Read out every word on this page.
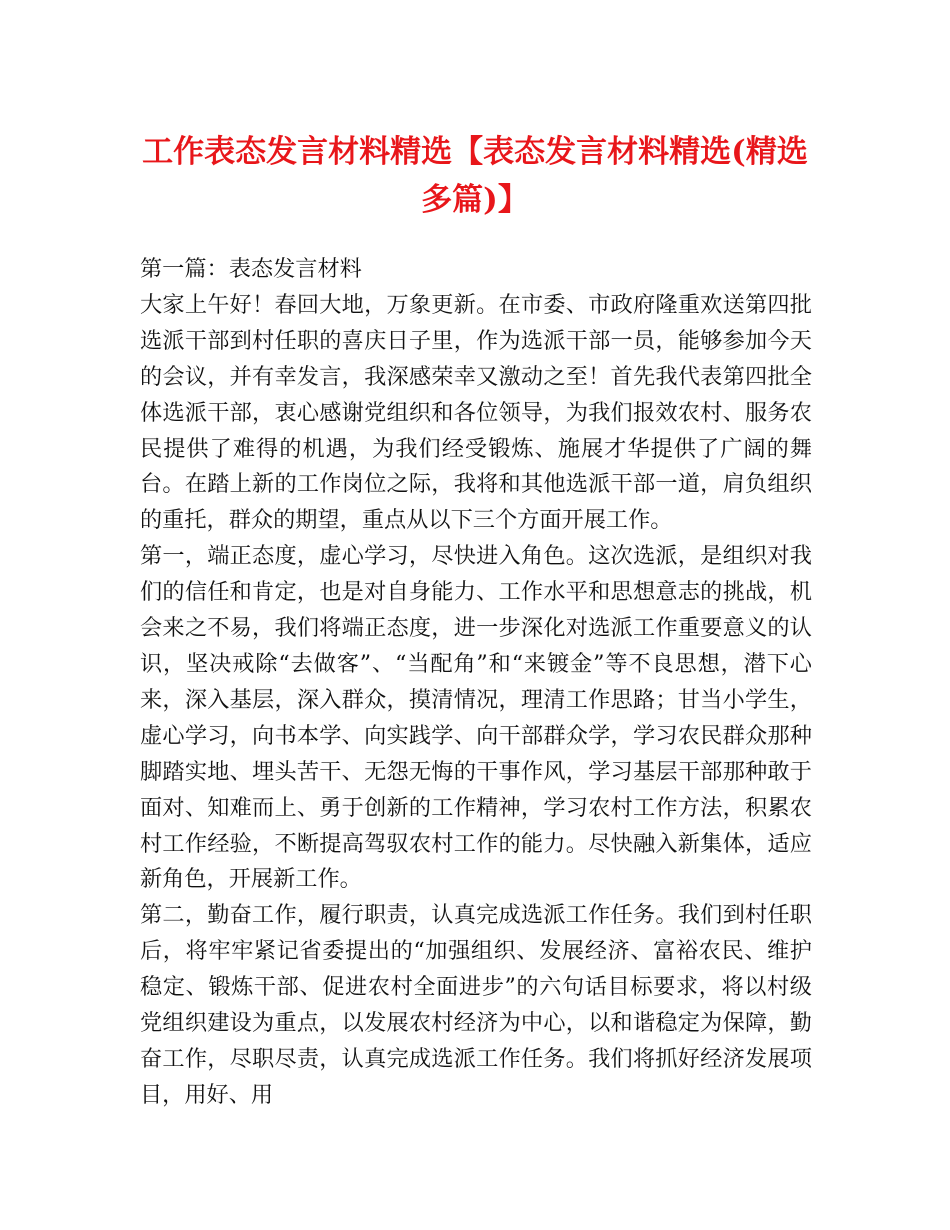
工作表态发言材料精选【表态发言材料精选(精选多篇)】

第一篇：表态发言材料

大家上午好！春回大地，万象更新。在市委、市政府隆重欢送第四批选派干部到村任职的喜庆日子里，作为选派干部一员，能够参加今天的会议，并有幸发言，我深感荣幸又激动之至！首先我代表第四批全体选派干部，衷心感谢党组织和各位领导，为我们报效农村、服务农民提供了难得的机遇，为我们经受锻炼、施展才华提供了广阔的舞台。在踏上新的工作岗位之际，我将和其他选派干部一道，肩负组织的重托，群众的期望，重点从以下三个方面开展工作。

第一，端正态度，虚心学习，尽快进入角色。这次选派，是组织对我们的信任和肯定，也是对自身能力、工作水平和思想意志的挑战，机会来之不易，我们将端正态度，进一步深化对选派工作重要意义的认识，坚决戒除“去做客”、“当配角”和“来镀金”等不良思想，潜下心来，深入基层，深入群众，摸清情况，理清工作思路；甘当小学生，虚心学习，向书本学、向实践学、向干部群众学，学习农民群众那种脚踏实地、埋头苦干、无怨无悔的干事作风，学习基层干部那种敢于面对、知难而上、勇于创新的工作精神，学习农村工作方法，积累农村工作经验，不断提高驾驭农村工作的能力。尽快融入新集体，适应新角色，开展新工作。

第二，勤奋工作，履行职责，认真完成选派工作任务。我们到村任职后，将牢牢紧记省委提出的“加强组织、发展经济、富裕农民、维护稳定、锻炼干部、促进农村全面进步”的六句话目标要求，将以村级党组织建设为重点，以发展农村经济为中心，以和谐稳定为保障，勤奋工作，尽职尽责，认真完成选派工作任务。我们将抓好经济发展项目，用好、用
